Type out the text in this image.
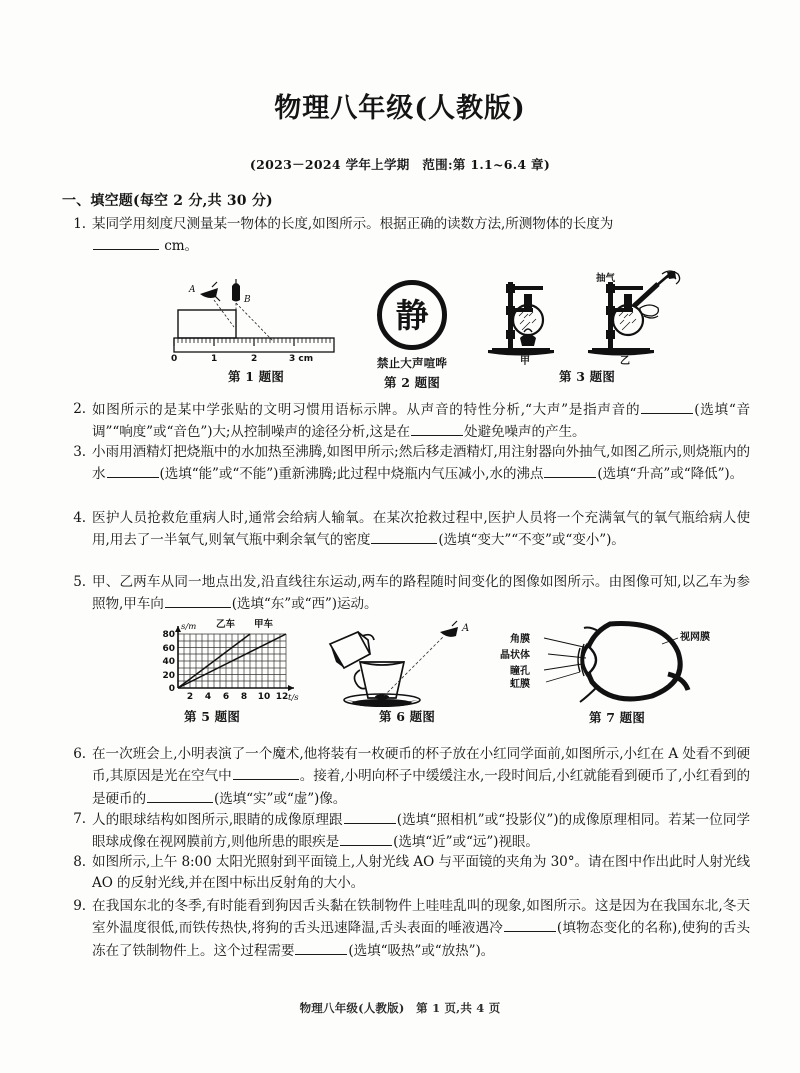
物理八年级(人教版)
(2023－2024 学年上学期　范围:第 1.1~6.4 章)
一、填空题(每空 2 分,共 30 分)
1. 某同学用刻度尺测量某一物体的长度,如图所示。根据正确的读数方法,所测物体的长度为
cm。
A
B
0	1	2	3 cm
第 1 题图
静
禁止大声喧哗
第 2 题图
甲
抽气
乙
第 3 题图
2. 如图所示的是某中学张贴的文明习惯用语标示牌。从声音的特性分析,“大声”是指声音的	(选填“音调”“响度”或“音色”)大;从控制噪声的途径分析,这是在	处避免噪声的产生。
3. 小雨用酒精灯把烧瓶中的水加热至沸腾,如图甲所示;然后移走酒精灯,用注射器向外抽气,如图乙所示,则烧瓶内的水	(选填“能”或“不能”)重新沸腾;此过程中烧瓶内气压减小,水的沸点	(选填“升高”或“降低”)。
4. 医护人员抢救危重病人时,通常会给病人输氧。在某次抢救过程中,医护人员将一个充满氧气的氧气瓶给病人使用,用去了一半氧气,则氧气瓶中剩余氧气的密度	(选填“变大”“不变”或“变小”)。
5. 甲、乙两车从同一地点出发,沿直线往东运动,两车的路程随时间变化的图像如图所示。由图像可知,以乙车为参照物,甲车向	(选填“东”或“西”)运动。
乙车 甲车
s/m
t/s
80
60
40
20
0
2 4 6 8 10 12
第 5 题图
A
第 6 题图
角膜
晶状体
瞳孔
虹膜
视网膜
第 7 题图
6. 在一次班会上,小明表演了一个魔术,他将装有一枚硬币的杯子放在小红同学面前,如图所示,小红在 A 处看不到硬币,其原因是光在空气中	。接着,小明向杯子中缓缓注水,一段时间后,小红就能看到硬币了,小红看到的是硬币的	(选填“实”或“虚”)像。
7. 人的眼球结构如图所示,眼睛的成像原理跟	(选填“照相机”或“投影仪”)的成像原理相同。若某一位同学眼球成像在视网膜前方,则他所患的眼疾是	(选填“近”或“远”)视眼。
8. 如图所示,上午 8:00 太阳光照射到平面镜上,人射光线 AO 与平面镜的夹角为 30°。请在图中作出此时人射光线 AO 的反射光线,并在图中标出反射角的大小。
9. 在我国东北的冬季,有时能看到狗因舌头黏在铁制物件上哇哇乱叫的现象,如图所示。这是因为在我国东北,冬天室外温度很低,而铁传热快,将狗的舌头迅速降温,舌头表面的唾液遇冷	(填物态变化的名称),使狗的舌头冻在了铁制物件上。这个过程需要	(选填“吸热”或“放热”)。
物理八年级(人教版)　第 1 页,共 4 页
